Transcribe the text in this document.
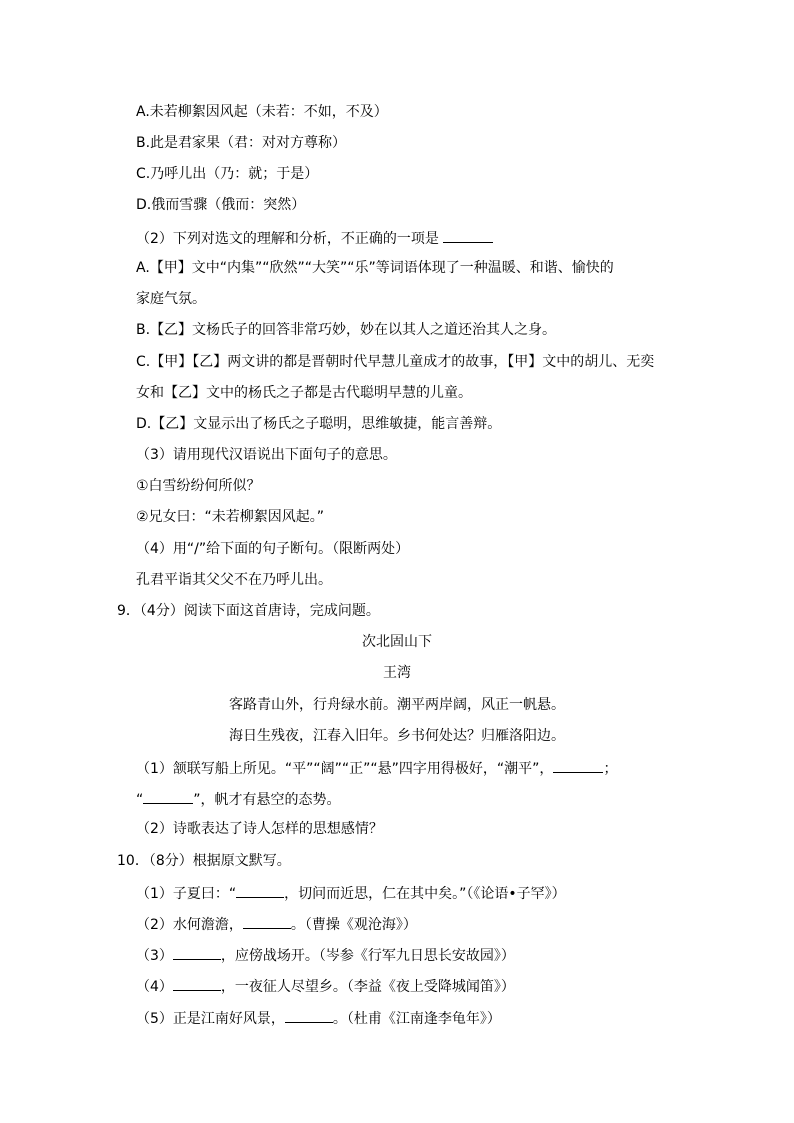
A.未若柳絮因风起（未若：不如，不及）
B.此是君家果（君：对对方尊称）
C.乃呼儿出（乃：就；于是）
D.俄而雪骤（俄而：突然）
（2）下列对选文的理解和分析，不正确的一项是
A.【甲】文中“内集”“欣然”“大笑”“乐”等词语体现了一种温暖、和谐、愉快的
家庭气氛。
B.【乙】文杨氏子的回答非常巧妙，妙在以其人之道还治其人之身。
C.【甲】【乙】两文讲的都是晋朝时代早慧儿童成才的故事，【甲】文中的胡儿、无奕
女和【乙】文中的杨氏之子都是古代聪明早慧的儿童。
D.【乙】文显示出了杨氏之子聪明，思维敏捷，能言善辩。
（3）请用现代汉语说出下面句子的意思。
①白雪纷纷何所似？
②兄女曰：“未若柳絮因风起。”
（4）用“/”给下面的句子断句。（限断两处）
孔君平诣其父父不在乃呼儿出。
9．（4分）阅读下面这首唐诗，完成问题。
次北固山下
王湾
客路青山外，行舟绿水前。潮平两岸阔，风正一帆悬。
海日生残夜，江春入旧年。乡书何处达？归雁洛阳边。
（1）颔联写船上所见。“平”“阔”“正”“悬”四字用得极好，“潮平”，	；
“	”，帆才有悬空的态势。
（2）诗歌表达了诗人怎样的思想感情？
10．（8分）根据原文默写。
（1）子夏曰：“	，切问而近思，仁在其中矣。”（《论语•子罕》）
（2）水何澹澹，	。（曹操《观沧海》）
（3）	，应傍战场开。（岑参《行军九日思长安故园》）
（4）	，一夜征人尽望乡。（李益《夜上受降城闻笛》）
（5）正是江南好风景，	。（杜甫《江南逢李龟年》）
